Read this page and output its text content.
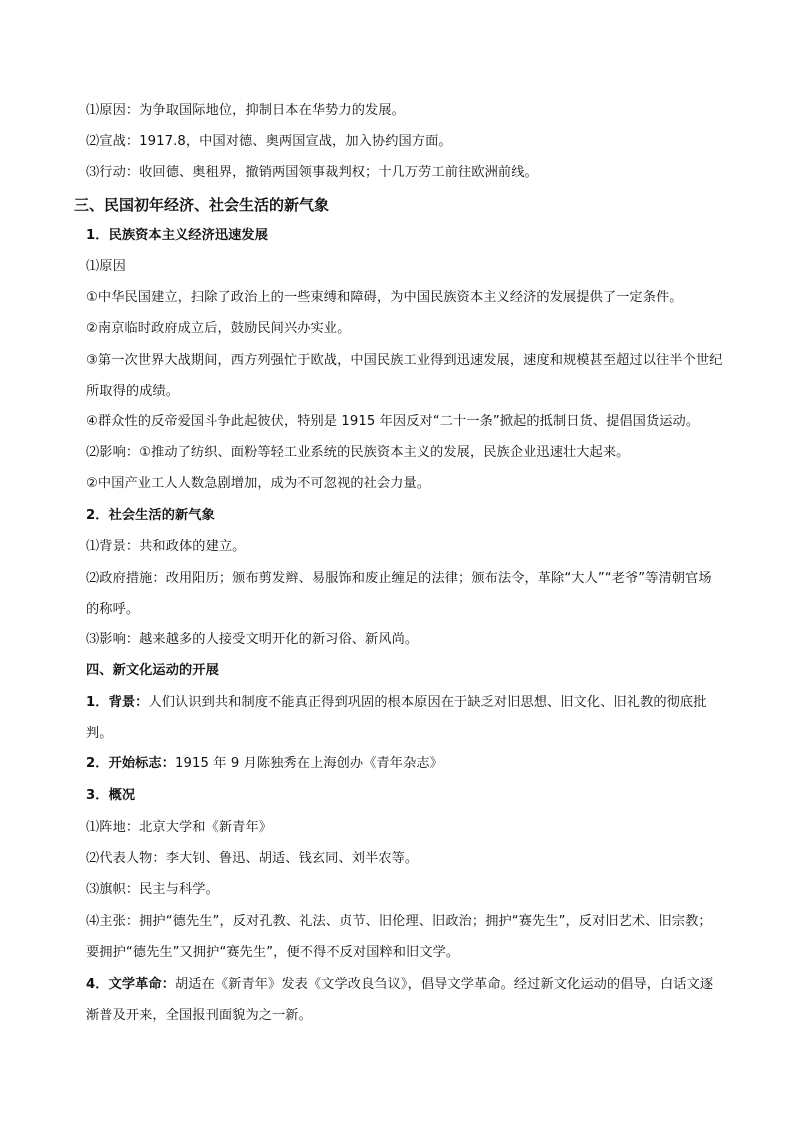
⑴原因：为争取国际地位，抑制日本在华势力的发展。
⑵宣战：1917.8，中国对德、奥两国宣战，加入协约国方面。
⑶行动：收回德、奥租界，撤销两国领事裁判权；十几万劳工前往欧洲前线。
三、民国初年经济、社会生活的新气象
1．民族资本主义经济迅速发展
⑴原因
①中华民国建立，扫除了政治上的一些束缚和障碍，为中国民族资本主义经济的发展提供了一定条件。
②南京临时政府成立后，鼓励民间兴办实业。
③第一次世界大战期间，西方列强忙于欧战，中国民族工业得到迅速发展，速度和规模甚至超过以往半个世纪所取得的成绩。
④群众性的反帝爱国斗争此起彼伏，特别是 1915 年因反对“二十一条”掀起的抵制日货、提倡国货运动。
⑵影响：①推动了纺织、面粉等轻工业系统的民族资本主义的发展，民族企业迅速壮大起来。
②中国产业工人人数急剧增加，成为不可忽视的社会力量。
2．社会生活的新气象
⑴背景：共和政体的建立。
⑵政府措施：改用阳历；颁布剪发辫、易服饰和废止缠足的法律；颁布法令，革除“大人”“老爷”等清朝官场的称呼。
⑶影响：越来越多的人接受文明开化的新习俗、新风尚。
四、新文化运动的开展
1．背景：人们认识到共和制度不能真正得到巩固的根本原因在于缺乏对旧思想、旧文化、旧礼教的彻底批判。
2．开始标志：1915 年 9 月陈独秀在上海创办《青年杂志》
3．概况
⑴阵地：北京大学和《新青年》
⑵代表人物：李大钊、鲁迅、胡适、钱玄同、刘半农等。
⑶旗帜：民主与科学。
⑷主张：拥护“德先生”，反对孔教、礼法、贞节、旧伦理、旧政治；拥护“赛先生”，反对旧艺术、旧宗教；要拥护“德先生”又拥护“赛先生”，便不得不反对国粹和旧文学。
4．文学革命：胡适在《新青年》发表《文学改良刍议》，倡导文学革命。经过新文化运动的倡导，白话文逐渐普及开来，全国报刊面貌为之一新。
